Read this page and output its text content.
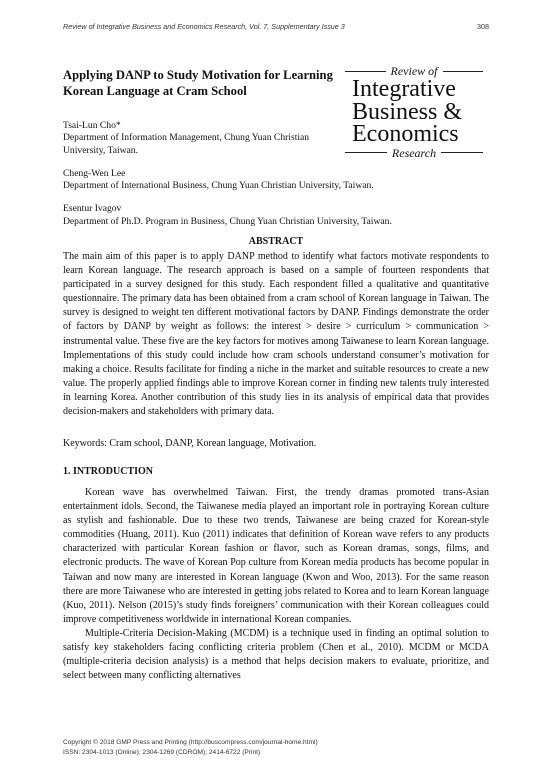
Review of Integrative Business and Economics Research, Vol. 7, Supplementary Issue 3	308
Applying DANP to Study Motivation for Learning Korean Language at Cram School
Review of
Integrative
Business &
Economics
Research
Tsai-Lun Cho*
Department of Information Management, Chung Yuan Christian University, Taiwan.
Cheng-Wen Lee
Department of International Business, Chung Yuan Christian University, Taiwan.
Esentur Ivagov
Department of Ph.D. Program in Business, Chung Yuan Christian University, Taiwan.
ABSTRACT
The main aim of this paper is to apply DANP method to identify what factors motivate respondents to learn Korean language. The research approach is based on a sample of fourteen respondents that participated in a survey designed for this study. Each respondent filled a qualitative and quantitative questionnaire. The primary data has been obtained from a cram school of Korean language in Taiwan. The survey is designed to weight ten different motivational factors by DANP. Findings demonstrate the order of factors by DANP by weight as follows: the interest > desire > curriculum > communication > instrumental value. These five are the key factors for motives among Taiwanese to learn Korean language. Implementations of this study could include how cram schools understand consumer’s motivation for making a choice. Results facilitate for finding a niche in the market and suitable resources to create a new value. The properly applied findings able to improve Korean corner in finding new talents truly interested in learning Korea. Another contribution of this study lies in its analysis of empirical data that provides decision-makers and stakeholders with primary data.
Keywords: Cram school, DANP, Korean language, Motivation.
1. INTRODUCTION

Korean wave has overwhelmed Taiwan. First, the trendy dramas promoted trans-Asian entertainment idols. Second, the Taiwanese media played an important role in portraying Korean culture as stylish and fashionable. Due to these two trends, Taiwanese are being crazed for Korean-style commodities (Huang, 2011). Kuo (2011) indicates that definition of Korean wave refers to any products characterized with particular Korean fashion or flavor, such as Korean dramas, songs, films, and electronic products. The wave of Korean Pop culture from Korean media products has become popular in Taiwan and now many are interested in Korean language (Kwon and Woo, 2013). For the same reason there are more Taiwanese who are interested in getting jobs related to Korea and to learn Korean language (Kuo, 2011). Nelson (2015)’s study finds foreigners’ communication with their Korean colleagues could improve competitiveness worldwide in international Korean companies.

Multiple-Criteria Decision-Making (MCDM) is a technique used in finding an optimal solution to satisfy key stakeholders facing conflicting criteria problem (Chen et al., 2010). MCDM or MCDA (multiple-criteria decision analysis) is a method that helps decision makers to evaluate, prioritize, and select between many conflicting alternatives

Copyright © 2018 GMP Press and Printing (http://buscompress.com/journal-home.html)
ISSN: 2304-1013 (Online); 2304-1269 (CDROM); 2414-6722 (Print)
